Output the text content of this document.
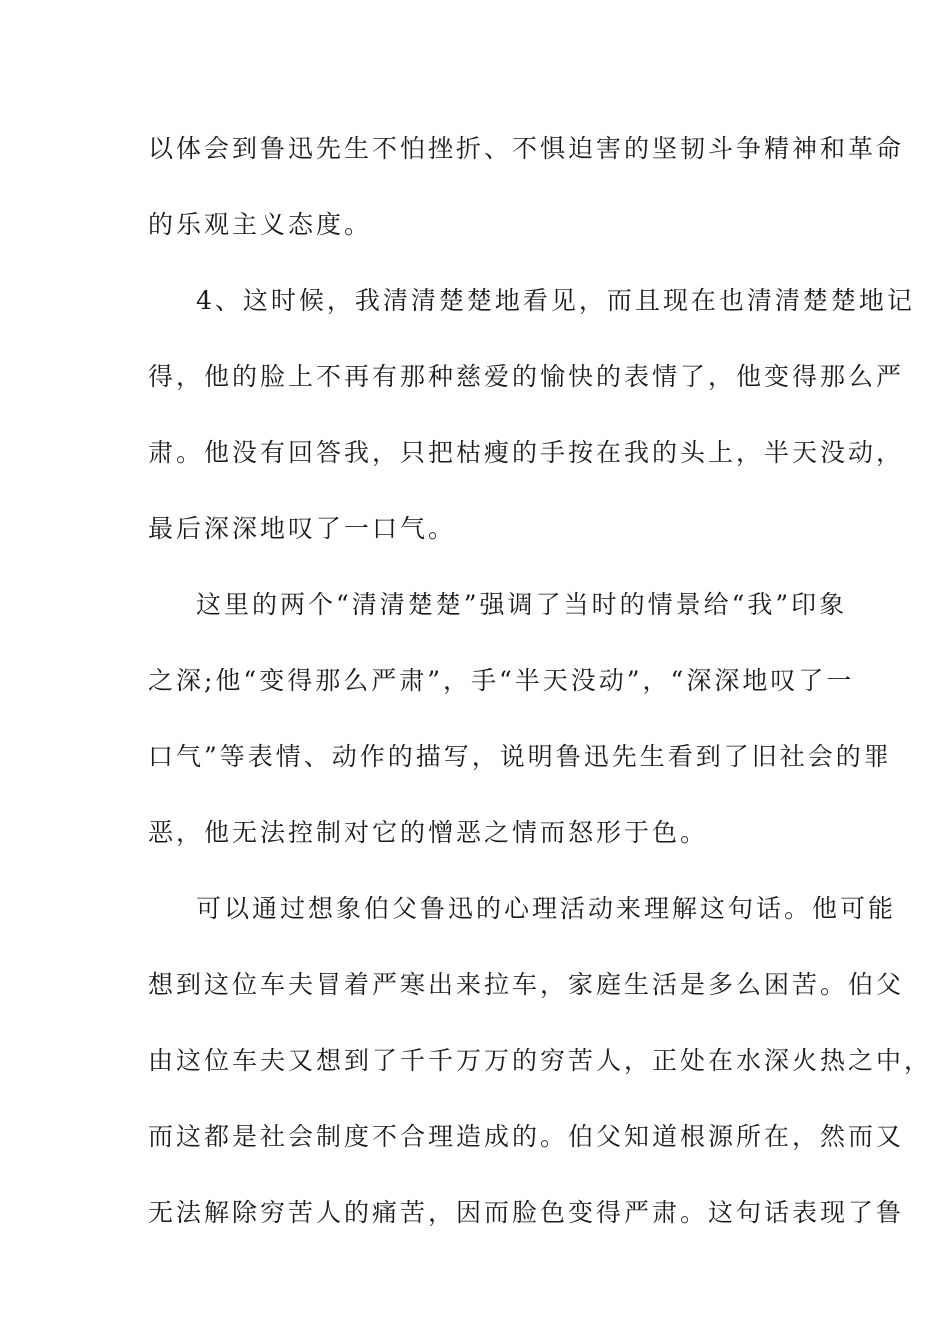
以体会到鲁迅先生不怕挫折、不惧迫害的坚韧斗争精神和革命
的乐观主义态度。
4、这时候，我清清楚楚地看见，而且现在也清清楚楚地记
得，他的脸上不再有那种慈爱的愉快的表情了，他变得那么严
肃。他没有回答我，只把枯瘦的手按在我的头上，半天没动，
最后深深地叹了一口气。
这里的两个“清清楚楚”强调了当时的情景给“我”印象
之深;他“变得那么严肃”，手“半天没动”，“深深地叹了一
口气”等表情、动作的描写，说明鲁迅先生看到了旧社会的罪
恶，他无法控制对它的憎恶之情而怒形于色。
可以通过想象伯父鲁迅的心理活动来理解这句话。他可能
想到这位车夫冒着严寒出来拉车，家庭生活是多么困苦。伯父
由这位车夫又想到了千千万万的穷苦人，正处在水深火热之中，
而这都是社会制度不合理造成的。伯父知道根源所在，然而又
无法解除穷苦人的痛苦，因而脸色变得严肃。这句话表现了鲁
